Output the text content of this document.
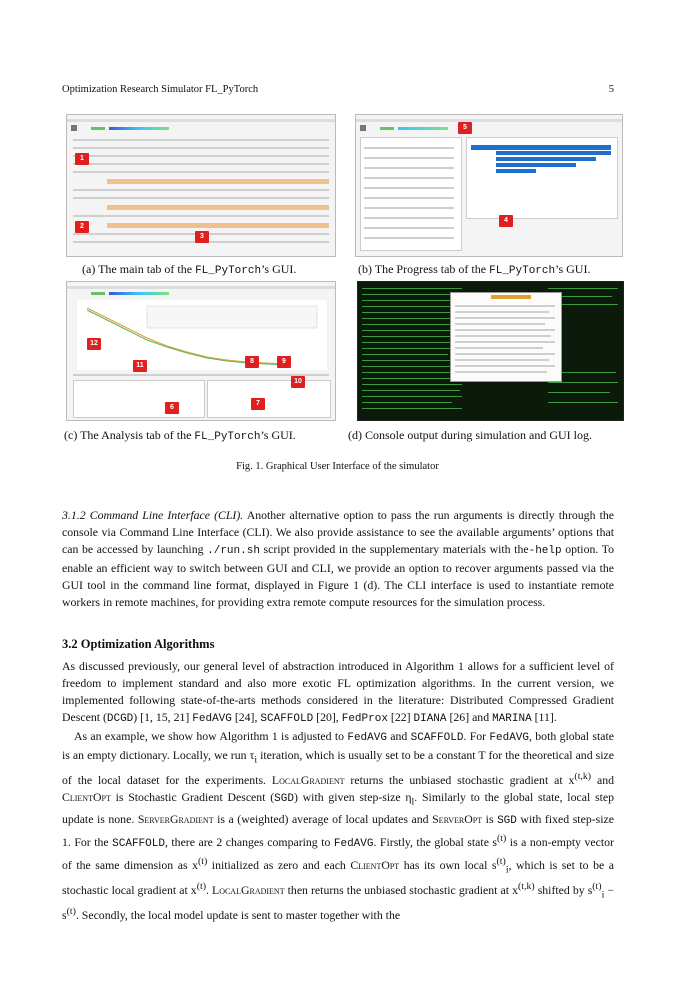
Optimization Research Simulator FL_PyTorch	5
1
2
3
(a) The main tab of the FL_PyTorch’s GUI.
5
4
(b) The Progress tab of the FL_PyTorch’s GUI.
12
11
8	9
10
7
6
(c) The Analysis tab of the FL_PyTorch’s GUI.	(d) Console output during simulation and GUI log.
Fig. 1. Graphical User Interface of the simulator

3.1.2 Command Line Interface (CLI). Another alternative option to pass the run arguments is directly through the console via Command Line Interface (CLI). We also provide assistance to see the available arguments’ options that can be accessed by launching ./run.sh script provided in the supplementary materials with the-help option. To enable an efficient way to switch between GUI and CLI, we provide an option to recover arguments passed via the GUI tool in the command line format, displayed in Figure 1 (d). The CLI interface is used to instantiate remote workers in remote machines, for providing extra remote compute resources for the simulation process.

3.2 Optimization Algorithms

As discussed previously, our general level of abstraction introduced in Algorithm 1 allows for a sufficient level of freedom to implement standard and also more exotic FL optimization algorithms. In the current version, we implemented following state-of-the-arts methods considered in the literature: Distributed Compressed Gradient Descent (DCGD) [1, 15, 21] FedAVG [24], SCAFFOLD [20], FedProx [22] DIANA [26] and MARINA [11].

As an example, we show how Algorithm 1 is adjusted to FedAVG and SCAFFOLD. For FedAVG, both global state is an empty dictionary. Locally, we run $\tau_i$ iteration, which is usually set to be a constant T for the theoretical and size of the local dataset for the experiments. LocalGradient returns the unbiased stochastic gradient at $x^{(t,k)}$ and ClientOpt is Stochastic Gradient Descent (SGD) with given step-size $\eta_l$. Similarly to the global state, local step update is none. ServerGradient is a (weighted) average of local updates and ServerOpt is SGD with fixed step-size 1. For the SCAFFOLD, there are 2 changes comparing to FedAVG. Firstly, the global state $s^{(t)}$ is a non-empty vector of the same dimension as $x^{(t)}$ initialized as zero and each ClientOpt has its own local $s^{(t)}_i$, which is set to be a stochastic local gradient at $x^{(t)}$. LocalGradient then returns the unbiased stochastic gradient at $x^{(t,k)}$ shifted by $s^{(t)}_i - s^{(t)}$. Secondly, the local model update is sent to master together with the
